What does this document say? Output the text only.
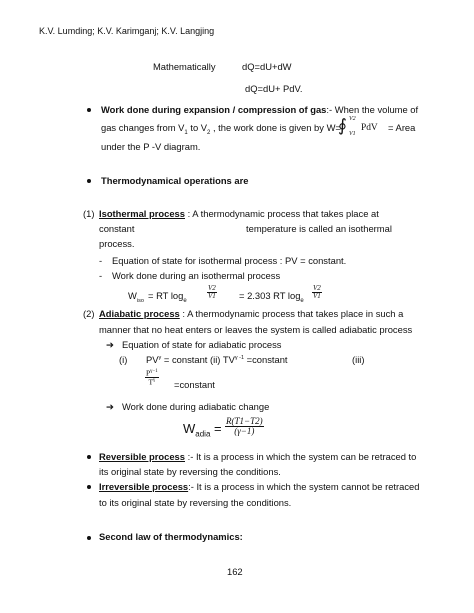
K.V. Lumding; K.V. Karimganj; K.V. Langjing
Mathematically	dQ=dU+dW
dQ=dU+ PdV.
Work done during expansion / compression of gas:- When the volume of
gas changes from $V_1$ to $V_2$ , the work done is given by W=
∮ V2
V1
PdV = Area
under the P -V diagram.
Thermodynamical operations are
(1) Isothermal process : A thermodynamic process that takes place at
constant	temperature is called an isothermal
process.
- Equation of state for isothermal process : PV = constant.
- Work done during an isothermal process
$W_{iso}$ = RT $\log_e$
$\frac{V2}{V1} = 2.303$ RT $\log_e$
$\frac{V2}{V1}$
(2) Adiabatic process : A thermodynamic process that takes place in such a
manner that no heat enters or leaves the system is called adiabatic process
➔ Equation of state for adiabatic process
(i) $PV^\gamma$ = constant (ii) $TV^{\gamma -1}$ =constant	(iii)
$\frac{P^{\gamma-1}}{T^\gamma}$ =constant
➔ Work done during adiabatic change
$W_{adia} = \frac{R(T1-T2)}{(\gamma-1)}$
Reversible process :- It is a process in which the system can be retraced to
its original state by reversing the conditions.
Irreversible process:- It is a process in which the system cannot be retraced
to its original state by reversing the conditions.
Second law of thermodynamics:
162
